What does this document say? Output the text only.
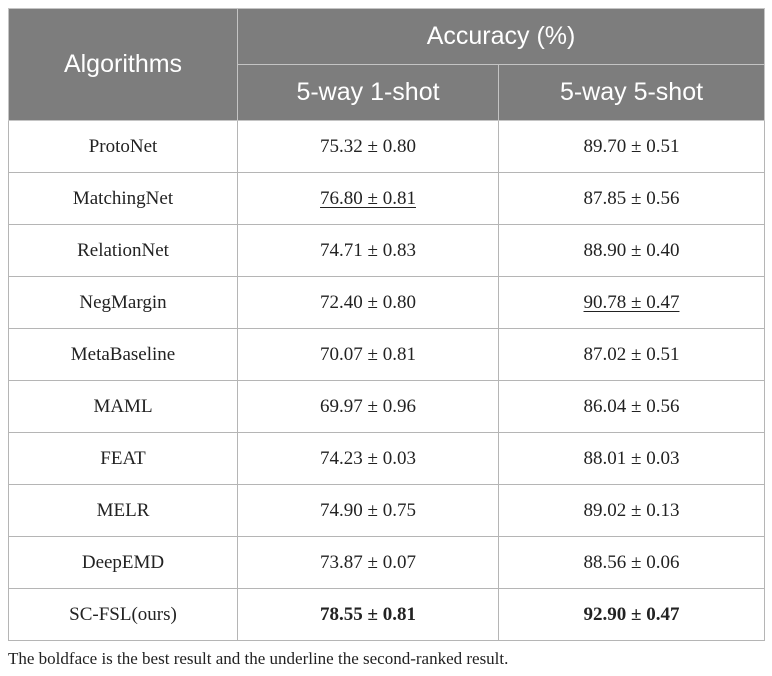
Algorithms	Accuracy (%)	
	5-way 1-shot	5-way 5-shot
ProtoNet	75.32 ± 0.80	89.70 ± 0.51
MatchingNet	76.80 ± 0.81	87.85 ± 0.56
RelationNet	74.71 ± 0.83	88.90 ± 0.40
NegMargin	72.40 ± 0.80	90.78 ± 0.47
MetaBaseline	70.07 ± 0.81	87.02 ± 0.51
MAML	69.97 ± 0.96	86.04 ± 0.56
FEAT	74.23 ± 0.03	88.01 ± 0.03
MELR	74.90 ± 0.75	89.02 ± 0.13
DeepEMD	73.87 ± 0.07	88.56 ± 0.06
SC-FSL(ours)	78.55 ± 0.81	92.90 ± 0.47
The boldface is the best result and the underline the second-ranked result.
